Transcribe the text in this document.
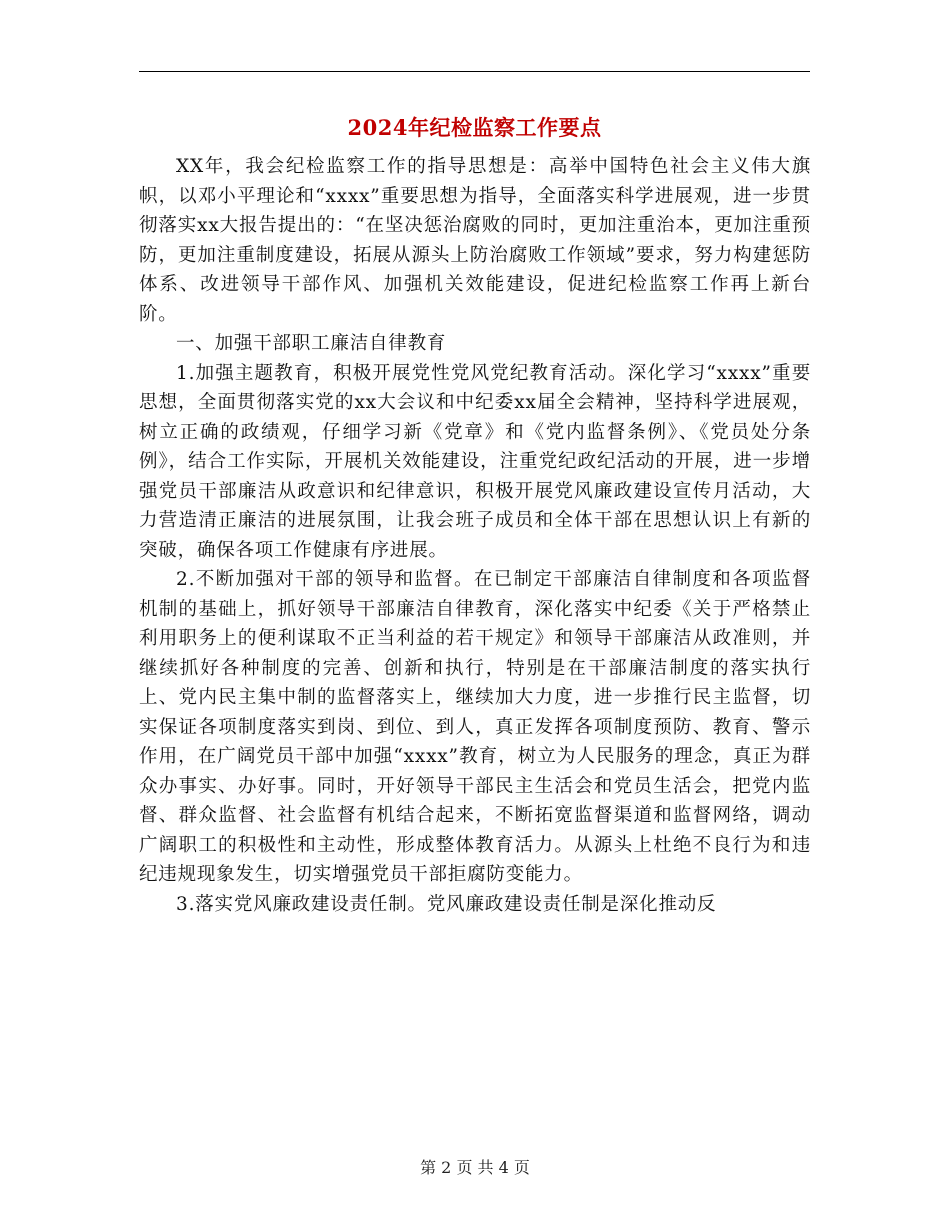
2024年纪检监察工作要点

XX年，我会纪检监察工作的指导思想是：高举中国特色社会主义伟大旗帜，以邓小平理论和“xxxx”重要思想为指导，全面落实科学进展观，进一步贯彻落实xx大报告提出的：“在坚决惩治腐败的同时，更加注重治本，更加注重预防，更加注重制度建设，拓展从源头上防治腐败工作领域”要求，努力构建惩防体系、改进领导干部作风、加强机关效能建设，促进纪检监察工作再上新台阶。

一、加强干部职工廉洁自律教育

1.加强主题教育，积极开展党性党风党纪教育活动。深化学习“xxxx”重要思想，全面贯彻落实党的xx大会议和中纪委xx届全会精神，坚持科学进展观，树立正确的政绩观，仔细学习新《党章》和《党内监督条例》、《党员处分条例》，结合工作实际，开展机关效能建设，注重党纪政纪活动的开展，进一步增强党员干部廉洁从政意识和纪律意识，积极开展党风廉政建设宣传月活动，大力营造清正廉洁的进展氛围，让我会班子成员和全体干部在思想认识上有新的突破，确保各项工作健康有序进展。

2.不断加强对干部的领导和监督。在已制定干部廉洁自律制度和各项监督机制的基础上，抓好领导干部廉洁自律教育，深化落实中纪委《关于严格禁止利用职务上的便利谋取不正当利益的若干规定》和领导干部廉洁从政准则，并继续抓好各种制度的完善、创新和执行，特别是在干部廉洁制度的落实执行上、党内民主集中制的监督落实上，继续加大力度，进一步推行民主监督，切实保证各项制度落实到岗、到位、到人，真正发挥各项制度预防、教育、警示作用，在广阔党员干部中加强“xxxx”教育，树立为人民服务的理念，真正为群众办事实、办好事。同时，开好领导干部民主生活会和党员生活会，把党内监督、群众监督、社会监督有机结合起来，不断拓宽监督渠道和监督网络，调动广阔职工的积极性和主动性，形成整体教育活力。从源头上杜绝不良行为和违纪违规现象发生，切实增强党员干部拒腐防变能力。

3.落实党风廉政建设责任制。党风廉政建设责任制是深化推动反

第 2 页 共 4 页
